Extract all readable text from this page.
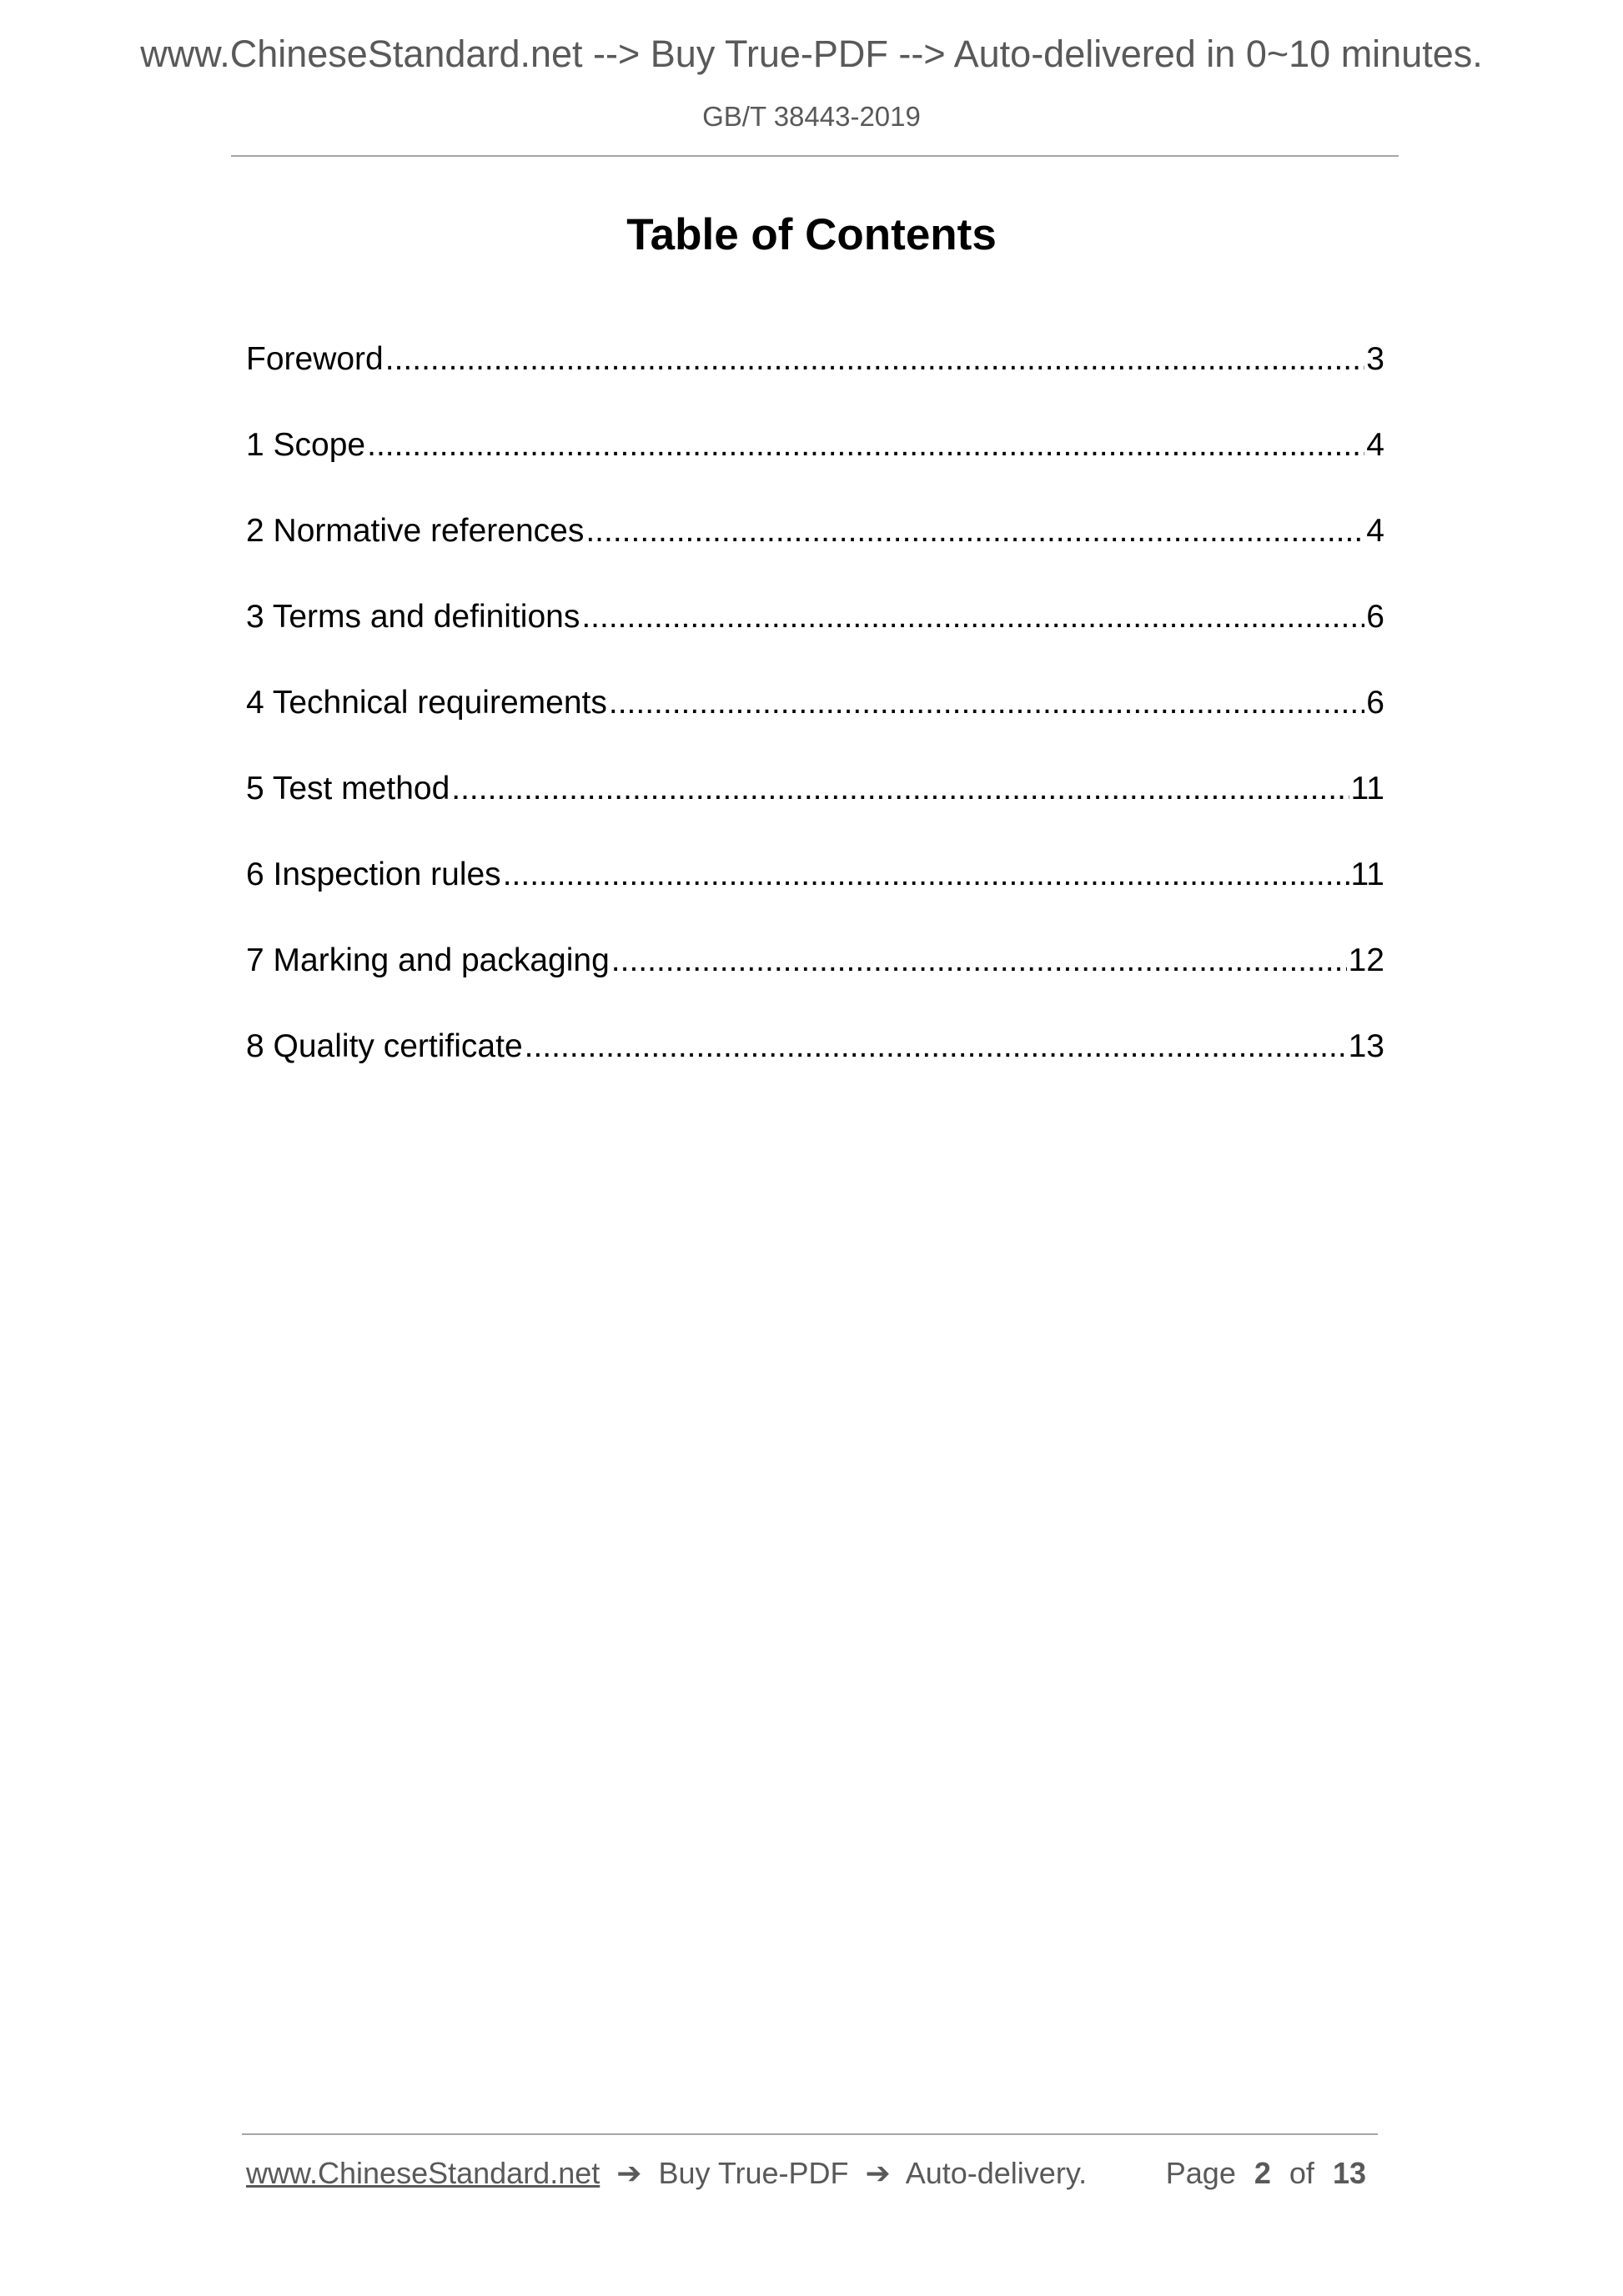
www.ChineseStandard.net --> Buy True-PDF --> Auto-delivered in 0~10 minutes.
GB/T 38443-2019
Table of Contents
Foreword .....	3
1 Scope .....	4
2 Normative references .....	4
3 Terms and definitions .....	6
4 Technical requirements .....	6
5 Test method .....	11
6 Inspection rules .....	11
7 Marking and packaging .....	12
8 Quality certificate .....	13
www.ChineseStandard.net ➔ Buy True-PDF ➔ Auto-delivery.	Page 2 of 13
